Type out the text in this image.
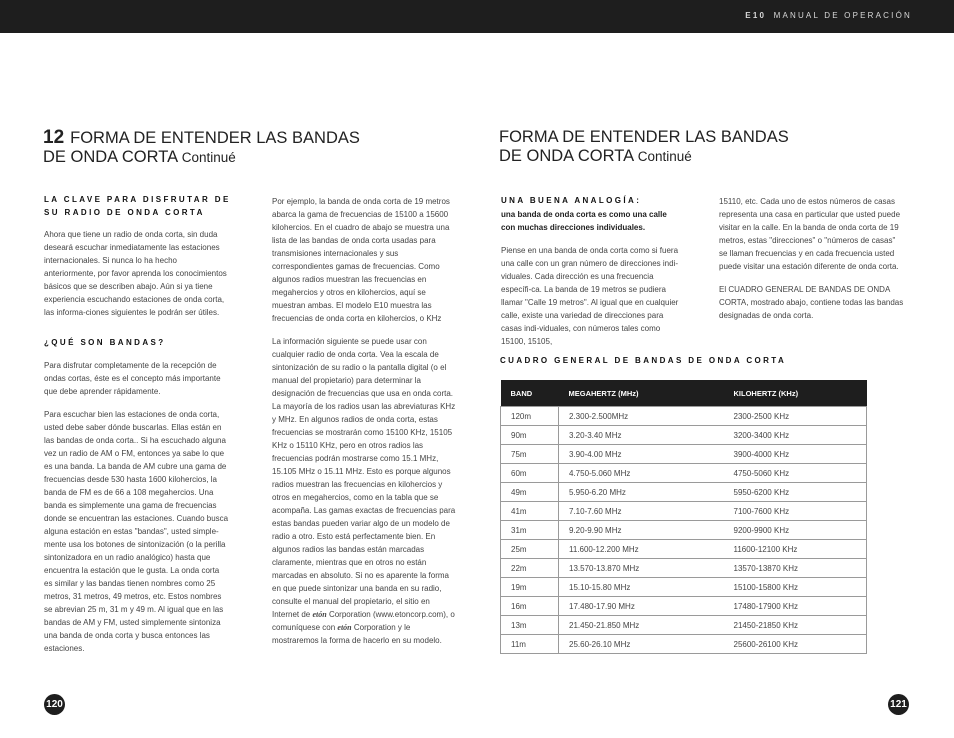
E10 MANUAL DE OPERACIÓN
12 FORMA DE ENTENDER LAS BANDAS
DE ONDA CORTA Continué
LA CLAVE PARA DISFRUTAR DE
SU RADIO DE ONDA CORTA

Ahora que tiene un radio de onda corta, sin duda deseará escuchar inmediatamente las estaciones internacionales. Si nunca lo ha hecho anteriormente, por favor aprenda los conocimientos básicos que se describen abajo. Aún si ya tiene experiencia escuchando estaciones de onda corta, las informa-ciones siguientes le podrán ser útiles.

¿QUÉ SON BANDAS?

Para disfrutar completamente de la recepción de ondas cortas, éste es el concepto más importante que debe aprender rápidamente.

Para escuchar bien las estaciones de onda corta, usted debe saber dónde buscarlas. Ellas están en las bandas de onda corta.. Si ha escuchado alguna vez un radio de AM o FM, entonces ya sabe lo que es una banda. La banda de AM cubre una gama de frecuencias desde 530 hasta 1600 kilohercios, la banda de FM es de 66 a 108 megahercios. Una banda es simplemente una gama de frecuencias donde se encuentran las estaciones. Cuando busca alguna estación en estas "bandas", usted simple-mente usa los botones de sintonización (o la perilla sintonizadora en un radio analógico) hasta que encuentra la estación que le gusta. La onda corta es similar y las bandas tienen nombres como 25 metros, 31 metros, 49 metros, etc. Estos nombres se abrevian 25 m, 31 m y 49 m. Al igual que en las bandas de AM y FM, usted simplemente sintoniza una banda de onda corta y busca entonces las estaciones.

Por ejemplo, la banda de onda corta de 19 metros abarca la gama de frecuencias de 15100 a 15600 kilohercios. En el cuadro de abajo se muestra una lista de las bandas de onda corta usadas para transmisiones internacionales y sus correspondientes gamas de frecuencias. Como algunos radios muestran las frecuencias en megahercios y otros en kilohercios, aquí se muestran ambas. El modelo E10 muestra las frecuencias de onda corta en kilohercios, o KHz

La información siguiente se puede usar con cualquier radio de onda corta. Vea la escala de sintonización de su radio o la pantalla digital (o el manual del propietario) para determinar la designación de frecuencias que usa en onda corta. La mayoría de los radios usan las abreviaturas KHz y MHz. En algunos radios de onda corta, estas frecuencias se mostrarán como 15100 KHz, 15105 KHz o 15110 KHz, pero en otros radios las frecuencias podrán mostrarse como 15.1 MHz, 15.105 MHz o 15.11 MHz. Esto es porque algunos radios muestran las frecuencias en kilohercios y otros en megahercios, como en la tabla que se acompaña. Las gamas exactas de frecuencias para estas bandas pueden variar algo de un modelo de radio a otro. Esto está perfectamente bien. En algunos radios las bandas están marcadas claramente, mientras que en otros no están marcadas en absoluto. Si no es aparente la forma en que puede sintonizar una banda en su radio, consulte el manual del propietario, el sitio en Internet de etón Corporation (www.etoncorp.com), o comuníquese con etón Corporation y le mostraremos la forma de hacerlo en su modelo.

120
FORMA DE ENTENDER LAS BANDAS
DE ONDA CORTA Continué
UNA BUENA ANALOGÍA:

una banda de onda corta es como una calle con muchas direcciones individuales.

Piense en una banda de onda corta como si fuera una calle con un gran número de direcciones indi-viduales. Cada dirección es una frecuencia específi-ca. La banda de 19 metros se pudiera llamar "Calle 19 metros". Al igual que en cualquier calle, existe una variedad de direcciones para casas indi-viduales, con números tales como 15100, 15105,

15110, etc. Cada uno de estos números de casas representa una casa en particular que usted puede visitar en la calle. En la banda de onda corta de 19 metros, estas "direcciones" o "números de casas" se llaman frecuencias y en cada frecuencia usted puede visitar una estación diferente de onda corta.

El CUADRO GENERAL DE BANDAS DE ONDA CORTA, mostrado abajo, contiene todas las bandas designadas de onda corta.

CUADRO GENERAL DE BANDAS DE ONDA CORTA
BAND	MEGAHERTZ (MHz)	KILOHERTZ (KHz)
120m	2.300-2.500MHz	2300-2500 KHz
90m	3.20-3.40 MHz	3200-3400 KHz
75m	3.90-4.00 MHz	3900-4000 KHz
60m	4.750-5.060 MHz	4750-5060 KHz
49m	5.950-6.20 MHz	5950-6200 KHz
41m	7.10-7.60 MHz	7100-7600 KHz
31m	9.20-9.90 MHz	9200-9900 KHz
25m	11.600-12.200 MHz	11600-12100 KHz
22m	13.570-13.870 MHz	13570-13870 KHz
19m	15.10-15.80 MHz	15100-15800 KHz
16m	17.480-17.90 MHz	17480-17900 KHz
13m	21.450-21.850 MHz	21450-21850 KHz
11m	25.60-26.10 MHz	25600-26100 KHz
121
